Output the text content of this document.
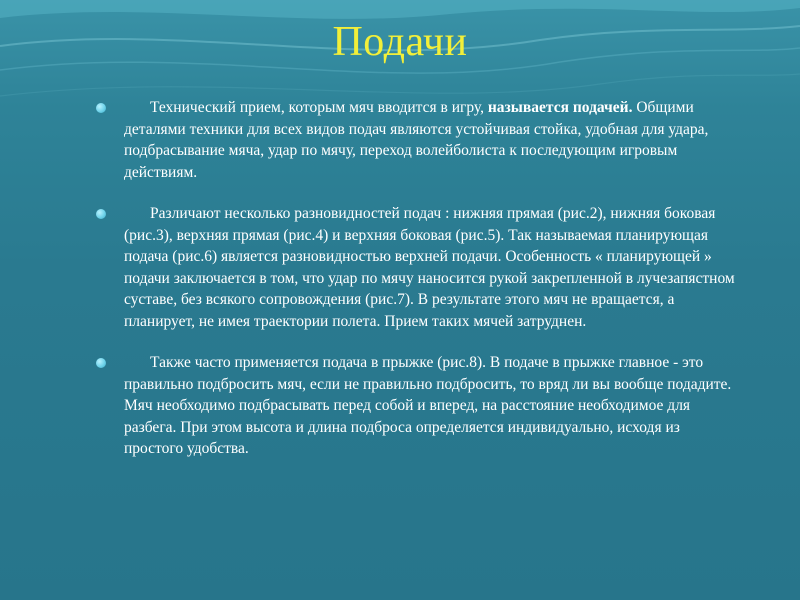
Подачи
Технический прием, которым мяч вводится в игру, называется подачей. Общими деталями техники для всех видов подач являются устойчивая стойка, удобная для удара, подбрасывание мяча, удар по мячу, переход волейболиста к последующим игровым действиям.
Различают несколько разновидностей подач : нижняя прямая (рис.2), нижняя боковая (рис.3), верхняя прямая (рис.4) и верхняя боковая (рис.5). Так называемая планирующая подача (рис.6) является разновидностью верхней подачи. Особенность « планирующей » подачи заключается в том, что удар по мячу наносится рукой закрепленной в лучезапястном суставе, без всякого сопровождения (рис.7). В результате этого мяч не вращается, а планирует, не имея траектории полета. Прием таких мячей затруднен.
Также часто применяется подача в прыжке (рис.8). В подаче в прыжке главное - это правильно подбросить мяч, если не правильно подбросить, то вряд ли вы вообще подадите. Мяч необходимо подбрасывать перед собой и вперед, на расстояние необходимое для разбега. При этом высота и длина подброса определяется индивидуально, исходя из простого удобства.
